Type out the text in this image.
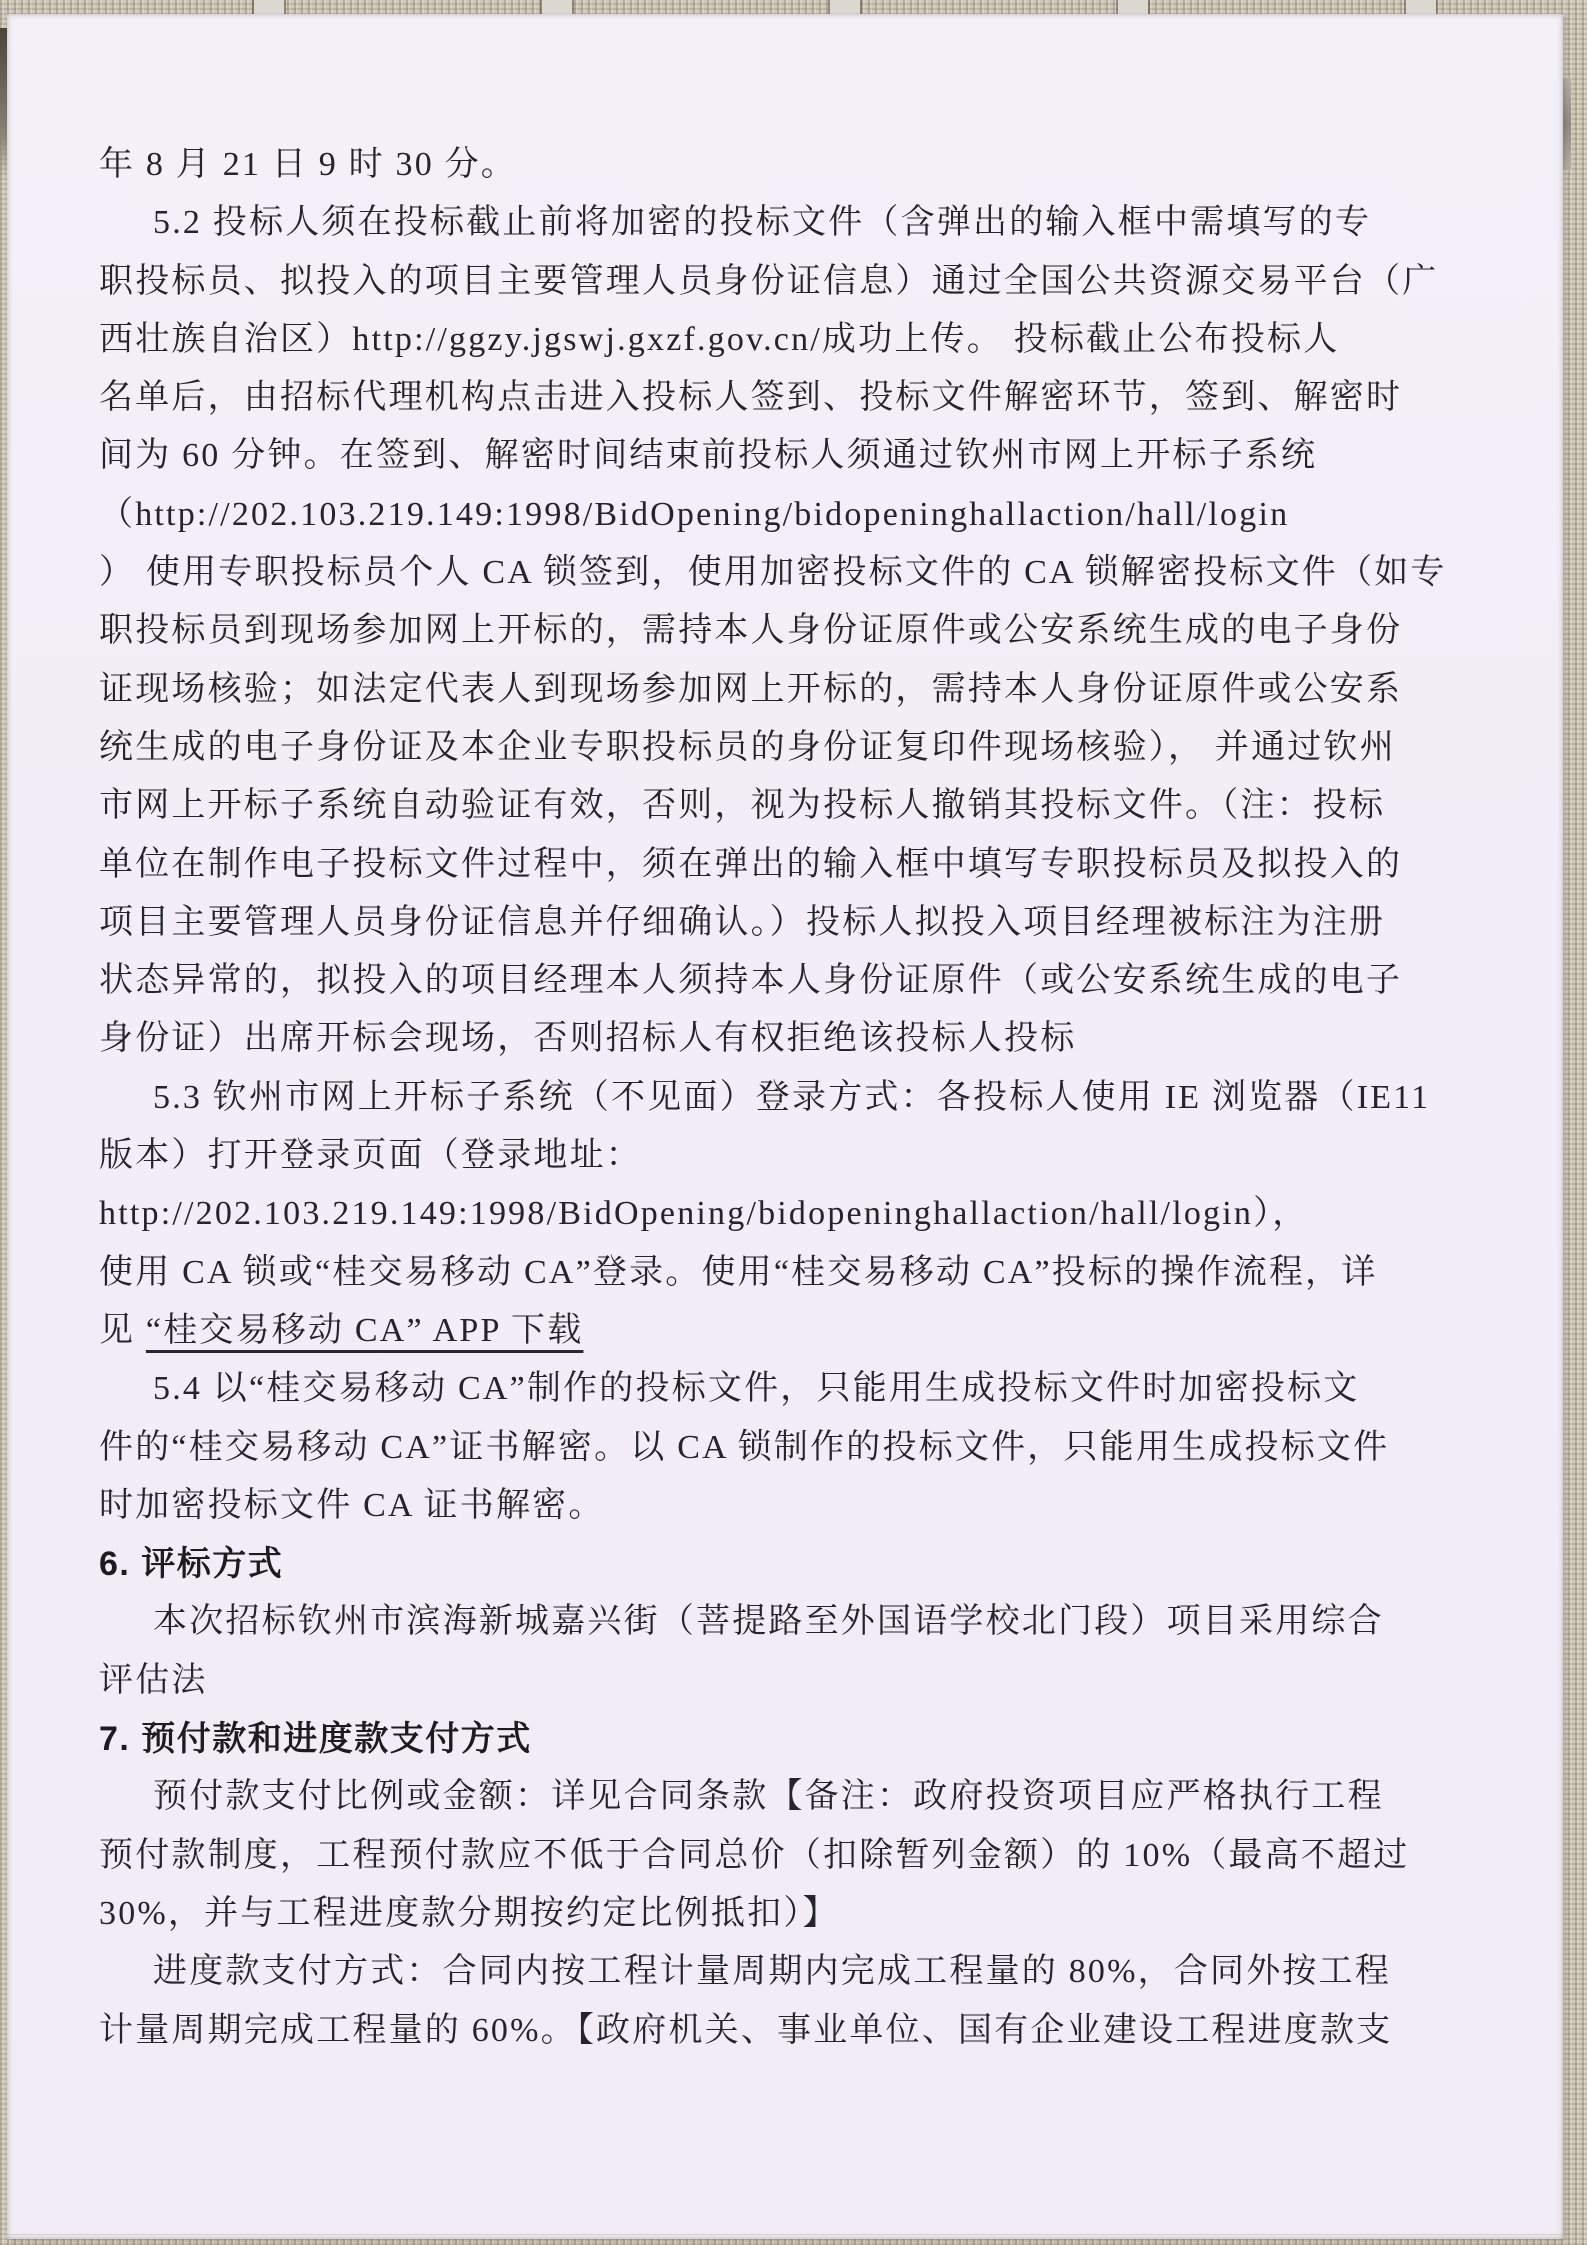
年 8 月 21 日 9 时 30 分。
5.2 投标人须在投标截止前将加密的投标文件（含弹出的输入框中需填写的专
职投标员、拟投入的项目主要管理人员身份证信息）通过全国公共资源交易平台（广
西壮族自治区）http://ggzy.jgswj.gxzf.gov.cn/成功上传。 投标截止公布投标人
名单后，由招标代理机构点击进入投标人签到、投标文件解密环节，签到、解密时
间为 60 分钟。在签到、解密时间结束前投标人须通过钦州市网上开标子系统
（http://202.103.219.149:1998/BidOpening/bidopeninghallaction/hall/login
） 使用专职投标员个人 CA 锁签到，使用加密投标文件的 CA 锁解密投标文件（如专
职投标员到现场参加网上开标的，需持本人身份证原件或公安系统生成的电子身份
证现场核验；如法定代表人到现场参加网上开标的，需持本人身份证原件或公安系
统生成的电子身份证及本企业专职投标员的身份证复印件现场核验）， 并通过钦州
市网上开标子系统自动验证有效，否则，视为投标人撤销其投标文件。（注：投标
单位在制作电子投标文件过程中，须在弹出的输入框中填写专职投标员及拟投入的
项目主要管理人员身份证信息并仔细确认。）投标人拟投入项目经理被标注为注册
状态异常的，拟投入的项目经理本人须持本人身份证原件（或公安系统生成的电子
身份证）出席开标会现场，否则招标人有权拒绝该投标人投标
5.3 钦州市网上开标子系统（不见面）登录方式：各投标人使用 IE 浏览器（IE11
版本）打开登录页面（登录地址：
http://202.103.219.149:1998/BidOpening/bidopeninghallaction/hall/login），
使用 CA 锁或“桂交易移动 CA”登录。使用“桂交易移动 CA”投标的操作流程，详
见 “桂交易移动 CA” APP 下载
5.4 以“桂交易移动 CA”制作的投标文件，只能用生成投标文件时加密投标文
件的“桂交易移动 CA”证书解密。以 CA 锁制作的投标文件，只能用生成投标文件
时加密投标文件 CA 证书解密。
6. 评标方式
本次招标钦州市滨海新城嘉兴街（菩提路至外国语学校北门段）项目采用综合
评估法
7. 预付款和进度款支付方式
预付款支付比例或金额：详见合同条款【备注：政府投资项目应严格执行工程
预付款制度，工程预付款应不低于合同总价（扣除暂列金额）的 10%（最高不超过
30%，并与工程进度款分期按约定比例抵扣）】
进度款支付方式：合同内按工程计量周期内完成工程量的 80%，合同外按工程
计量周期完成工程量的 60%。【政府机关、事业单位、国有企业建设工程进度款支
